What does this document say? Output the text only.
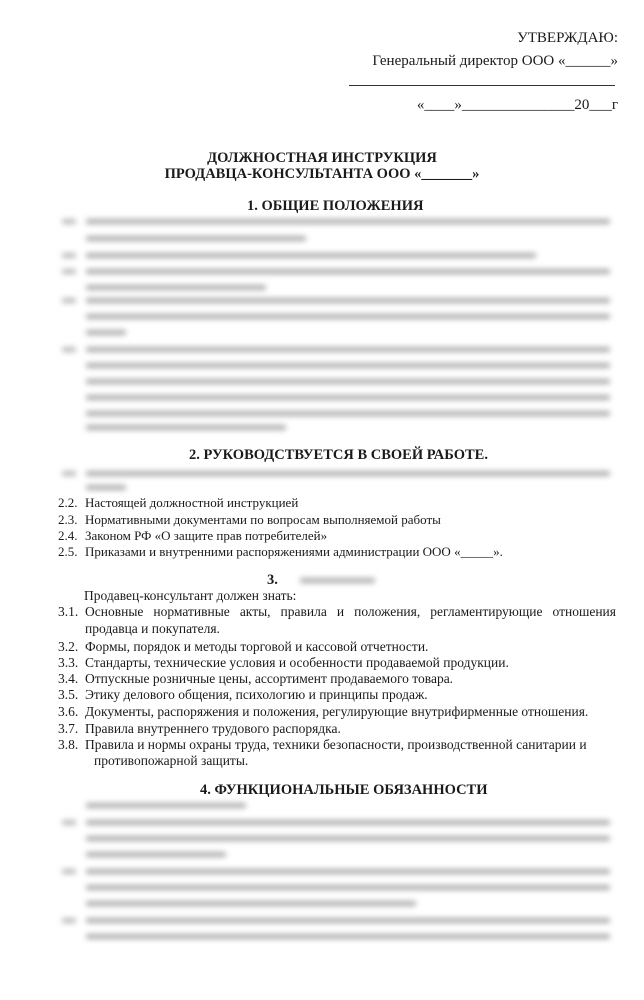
УТВЕРЖДАЮ:
Генеральный директор ООО «______»
«____»_______________20___г
ДОЛЖНОСТНАЯ ИНСТРУКЦИЯ
ПРОДАВЦА-КОНСУЛЬТАНТА ООО «_______»
1. ОБЩИЕ ПОЛОЖЕНИЯ
2. РУКОВОДСТВУЕТСЯ В СВОЕЙ РАБОТЕ.
2.2. Настоящей должностной инструкцией
2.3. Нормативными документами по вопросам выполняемой работы
2.4. Законом РФ «О защите прав потребителей»
2.5. Приказами и внутренними распоряжениями администрации ООО «_____».
3.
Продавец-консультант должен знать:
3.1. Основные нормативные акты, правила и положения, регламентирующие отношения
продавца и покупателя.
3.2. Формы, порядок и методы торговой и кассовой отчетности.
3.3. Стандарты, технические условия и особенности продаваемой продукции.
3.4. Отпускные розничные цены, ассортимент продаваемого товара.
3.5. Этику делового общения, психологию и принципы продаж.
3.6. Документы, распоряжения и положения, регулирующие внутрифирменные отношения.
3.7. Правила внутреннего трудового распорядка.
3.8. Правила и нормы охраны труда, техники безопасности, производственной санитарии и
противопожарной защиты.
4. ФУНКЦИОНАЛЬНЫЕ ОБЯЗАННОСТИ
